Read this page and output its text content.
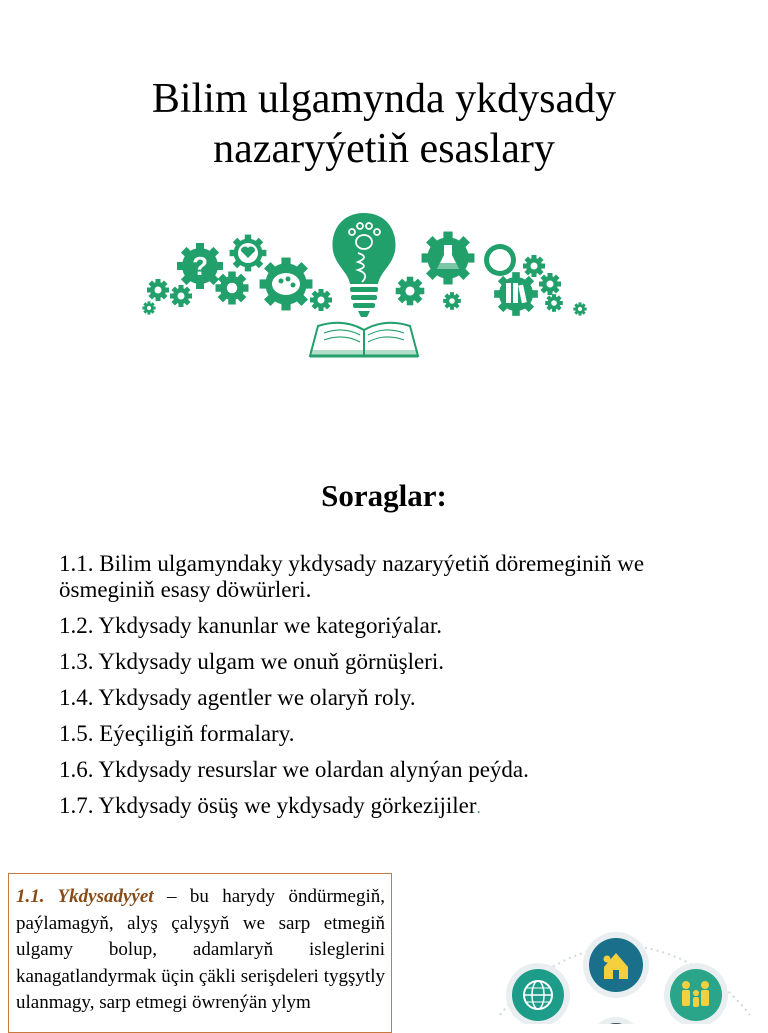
Bilim ulgamynda ykdysady
nazaryýetiň esaslary
?
Soraglar:
1.1. Bilim ulgamyndaky ykdysady nazaryýetiň döremeginiň we ösmeginiň esasy döwürleri.
1.2. Ykdysady kanunlar we kategoriýalar.
1.3. Ykdysady ulgam we onuň görnüşleri.
1.4. Ykdysady agentler we olaryň roly.
1.5. Eýeçiligiň formalary.
1.6. Ykdysady resurslar we olardan alynýan peýda.
1.7. Ykdysady ösüş we ykdysady görkezijiler.
1.1. Ykdysadyýet – bu harydy öndürmegiň, paýlamagyň, alyş çalyşyň we sarp etmegiň ulgamy bolup, adamlaryň isleglerini kanagatlandyrmak üçin çäkli serişdeleri tygşytly ulanmagy, sarp etmegi öwrenýän ylym
